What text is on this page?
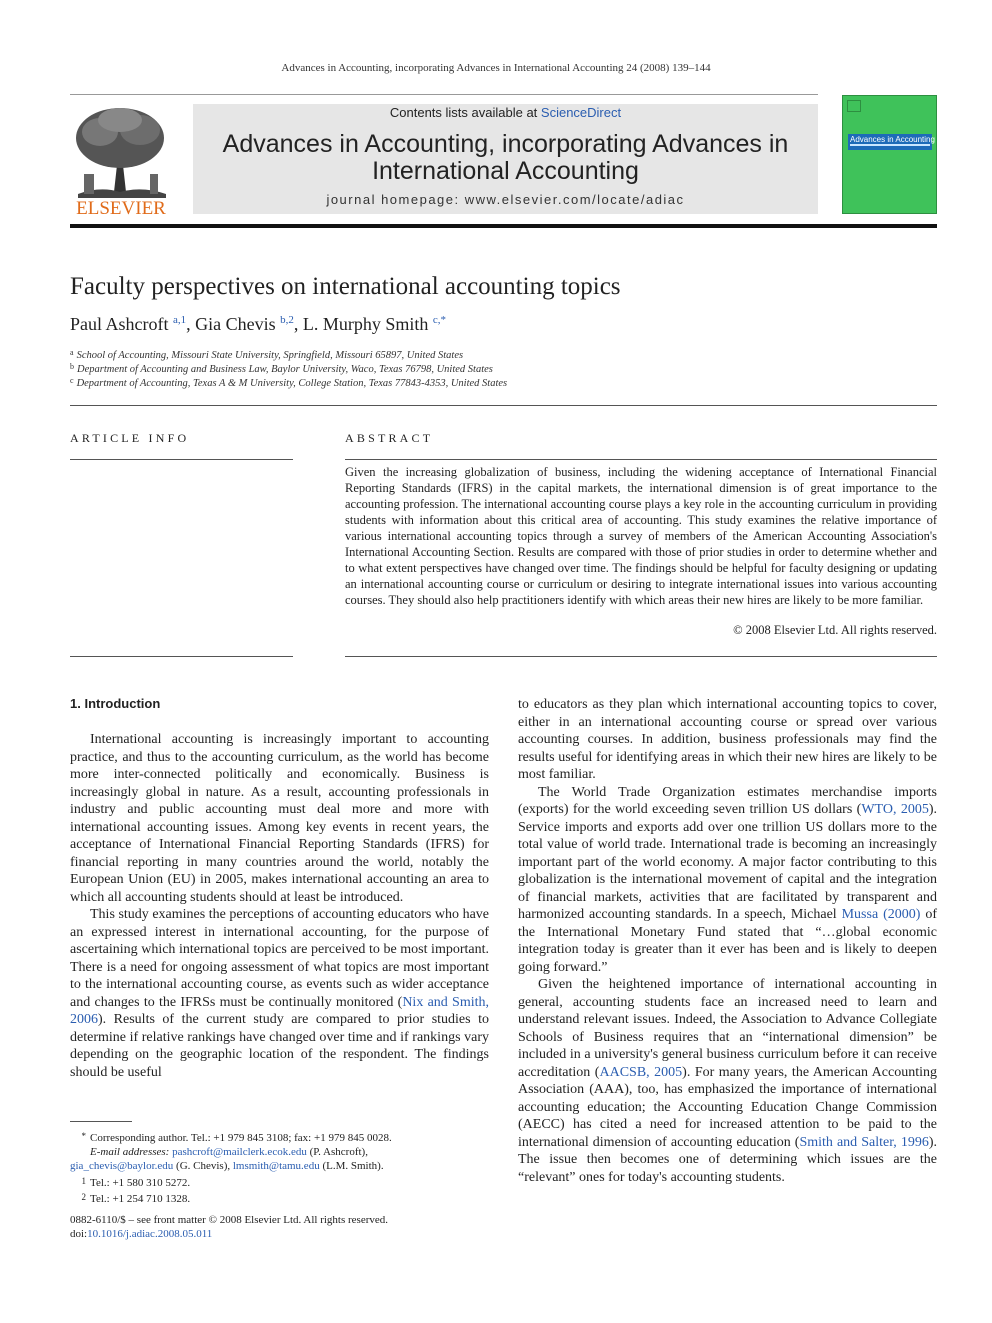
Advances in Accounting, incorporating Advances in International Accounting 24 (2008) 139–144
ELSEVIER
Contents lists available at ScienceDirect
Advances in Accounting, incorporating Advances in International Accounting
journal homepage: www.elsevier.com/locate/adiac
Advances in Accounting
Faculty perspectives on international accounting topics
Paul Ashcroft $^{a,1}$, Gia Chevis $^{b,2}$, L. Murphy Smith $^{c,*}$
$^a$ School of Accounting, Missouri State University, Springfield, Missouri 65897, United States
$^b$ Department of Accounting and Business Law, Baylor University, Waco, Texas 76798, United States
$^c$ Department of Accounting, Texas A & M University, College Station, Texas 77843-4353, United States
ARTICLE INFO	ABSTRACT
Given the increasing globalization of business, including the widening acceptance of International Financial Reporting Standards (IFRS) in the capital markets, the international dimension is of great importance to the accounting profession. The international accounting course plays a key role in the accounting curriculum in providing students with information about this critical area of accounting. This study examines the relative importance of various international accounting topics through a survey of members of the American Accounting Association's International Accounting Section. Results are compared with those of prior studies in order to determine whether and to what extent perspectives have changed over time. The findings should be helpful for faculty designing or updating an international accounting course or curriculum or desiring to integrate international issues into various accounting courses. They should also help practitioners identify with which areas their new hires are likely to be more familiar.
© 2008 Elsevier Ltd. All rights reserved.
1. Introduction

International accounting is increasingly important to accounting practice, and thus to the accounting curriculum, as the world has become more inter-connected politically and economically. Business is increasingly global in nature. As a result, accounting professionals in industry and public accounting must deal more and more with international accounting issues. Among key events in recent years, the acceptance of International Financial Reporting Standards (IFRS) for financial reporting in many countries around the world, notably the European Union (EU) in 2005, makes international accounting an area to which all accounting students should at least be introduced.

This study examines the perceptions of accounting educators who have an expressed interest in international accounting, for the purpose of ascertaining which international topics are perceived to be most important. There is a need for ongoing assessment of what topics are most important to the international accounting course, as events such as wider acceptance and changes to the IFRSs must be continually monitored (Nix and Smith, 2006). Results of the current study are compared to prior studies to determine if relative rankings have changed over time and if rankings vary depending on the geographic location of the respondent. The findings should be useful

to educators as they plan which international accounting topics to cover, either in an international accounting course or spread over various accounting courses. In addition, business professionals may find the results useful for identifying areas in which their new hires are likely to be most familiar.

The World Trade Organization estimates merchandise imports (exports) for the world exceeding seven trillion US dollars (WTO, 2005). Service imports and exports add over one trillion US dollars more to the total value of world trade. International trade is becoming an increasingly important part of the world economy. A major factor contributing to this globalization is the international movement of capital and the integration of financial markets, activities that are facilitated by transparent and harmonized accounting standards. In a speech, Michael Mussa (2000) of the International Monetary Fund stated that “…global economic integration today is greater than it ever has been and is likely to deepen going forward.”

Given the heightened importance of international accounting in general, accounting students face an increased need to learn and understand relevant issues. Indeed, the Association to Advance Collegiate Schools of Business requires that an “international dimension” be included in a university's general business curriculum before it can receive accreditation (AACSB, 2005). For many years, the American Accounting Association (AAA), too, has emphasized the importance of international accounting education; the Accounting Education Change Commission (AECC) has cited a need for increased attention to be paid to the international dimension of accounting education (Smith and Salter, 1996). The issue then becomes one of determining which issues are the “relevant” ones for today's accounting students.

* Corresponding author. Tel.: +1 979 845 3108; fax: +1 979 845 0028.
E-mail addresses: pashcroft@mailclerk.ecok.edu (P. Ashcroft),
gia_chevis@baylor.edu (G. Chevis), lmsmith@tamu.edu (L.M. Smith).
1 Tel.: +1 580 310 5272.
2 Tel.: +1 254 710 1328.
0882-6110/$ – see front matter © 2008 Elsevier Ltd. All rights reserved.
doi:10.1016/j.adiac.2008.05.011
